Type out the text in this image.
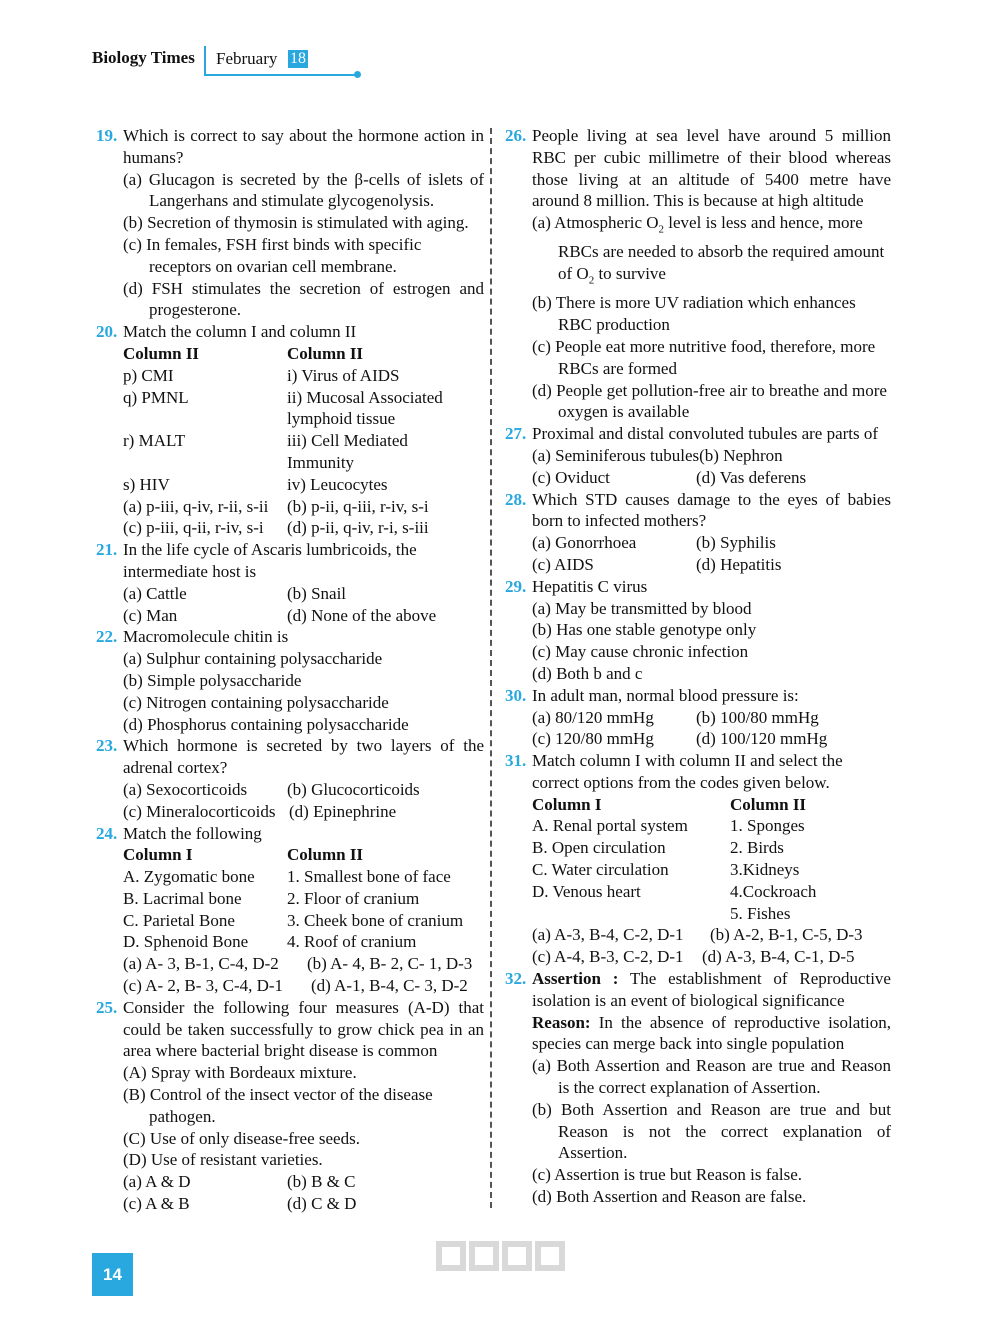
Biology Times February 18
19. Which is correct to say about the hormone action in humans?
(a) Glucagon is secreted by the β-cells of islets of Langerhans and stimulate glycogenolysis.
(b) Secretion of thymosin is stimulated with aging.
(c) In females, FSH first binds with specific receptors on ovarian cell membrane.
(d) FSH stimulates the secretion of estrogen and progesterone.
20. Match the column I and column II
Column II	Column II
p) CMI	i) Virus of AIDS
q) PMNL	ii) Mucosal Associated lymphoid tissue
r) MALT	iii) Cell Mediated Immunity
s) HIV	iv) Leucocytes
(a) p-iii, q-iv, r-ii, s-ii	(b) p-ii, q-iii, r-iv, s-i
(c) p-iii, q-ii, r-iv, s-i	(d) p-ii, q-iv, r-i, s-iii
21. In the life cycle of Ascaris lumbricoids, the intermediate host is
(a) Cattle	(b) Snail
(c) Man	(d) None of the above
22. Macromolecule chitin is
(a) Sulphur containing polysaccharide
(b) Simple polysaccharide
(c) Nitrogen containing polysaccharide
(d) Phosphorus containing polysaccharide
23. Which hormone is secreted by two layers of the adrenal cortex?
(a) Sexocorticoids	(b) Glucocorticoids
(c) Mineralocorticoids (d) Epinephrine
24. Match the following
Column I	Column II
A. Zygomatic bone	1. Smallest bone of face
B. Lacrimal bone	2. Floor of cranium
C. Parietal Bone	3. Cheek bone of cranium
D. Sphenoid Bone	4. Roof of cranium
(a) A- 3, B-1, C-4, D-2	(b) A- 4, B- 2, C- 1, D-3
(c) A- 2, B- 3, C-4, D-1	(d) A-1, B-4, C- 3, D-2
25. Consider the following four measures (A-D) that could be taken successfully to grow chick pea in an area where bacterial bright disease is common
(A) Spray with Bordeaux mixture.
(B) Control of the insect vector of the disease pathogen.
(C) Use of only disease-free seeds.
(D) Use of resistant varieties.
(a) A & D	(b) B & C
(c) A & B	(d) C & D
26. People living at sea level have around 5 million RBC per cubic millimetre of their blood whereas those living at an altitude of 5400 metre have around 8 million. This is because at high altitude
(a) Atmospheric $O_2$ level is less and hence, more RBCs are needed to absorb the required amount of $O_2$ to survive
(b) There is more UV radiation which enhances RBC production
(c) People eat more nutritive food, therefore, more RBCs are formed
(d) People get pollution-free air to breathe and more oxygen is available
27. Proximal and distal convoluted tubules are parts of
(a) Seminiferous tubules(b) Nephron
(c) Oviduct	(d) Vas deferens
28. Which STD causes damage to the eyes of babies born to infected mothers?
(a) Gonorrhoea	(b) Syphilis
(c) AIDS	(d) Hepatitis
29. Hepatitis C virus
(a) May be transmitted by blood
(b) Has one stable genotype only
(c) May cause chronic infection
(d) Both b and c
30. In adult man, normal blood pressure is:
(a) 80/120 mmHg	(b) 100/80 mmHg
(c) 120/80 mmHg	(d) 100/120 mmHg
31. Match column I with column II and select the correct options from the codes given below.
Column I	Column II
A. Renal portal system	1. Sponges
B. Open circulation	2. Birds
C. Water circulation	3.Kidneys
D. Venous heart	4.Cockroach
5. Fishes
(a) A-3, B-4, C-2, D-1	(b) A-2, B-1, C-5, D-3
(c) A-4, B-3, C-2, D-1	(d) A-3, B-4, C-1, D-5
32. Assertion : The establishment of Reproductive isolation is an event of biological significance
Reason: In the absence of reproductive isolation, species can merge back into single population
(a) Both Assertion and Reason are true and Reason is the correct explanation of Assertion.
(b) Both Assertion and Reason are true and but Reason is not the correct explanation of Assertion.
(c) Assertion is true but Reason is false.
(d) Both Assertion and Reason are false.
14
